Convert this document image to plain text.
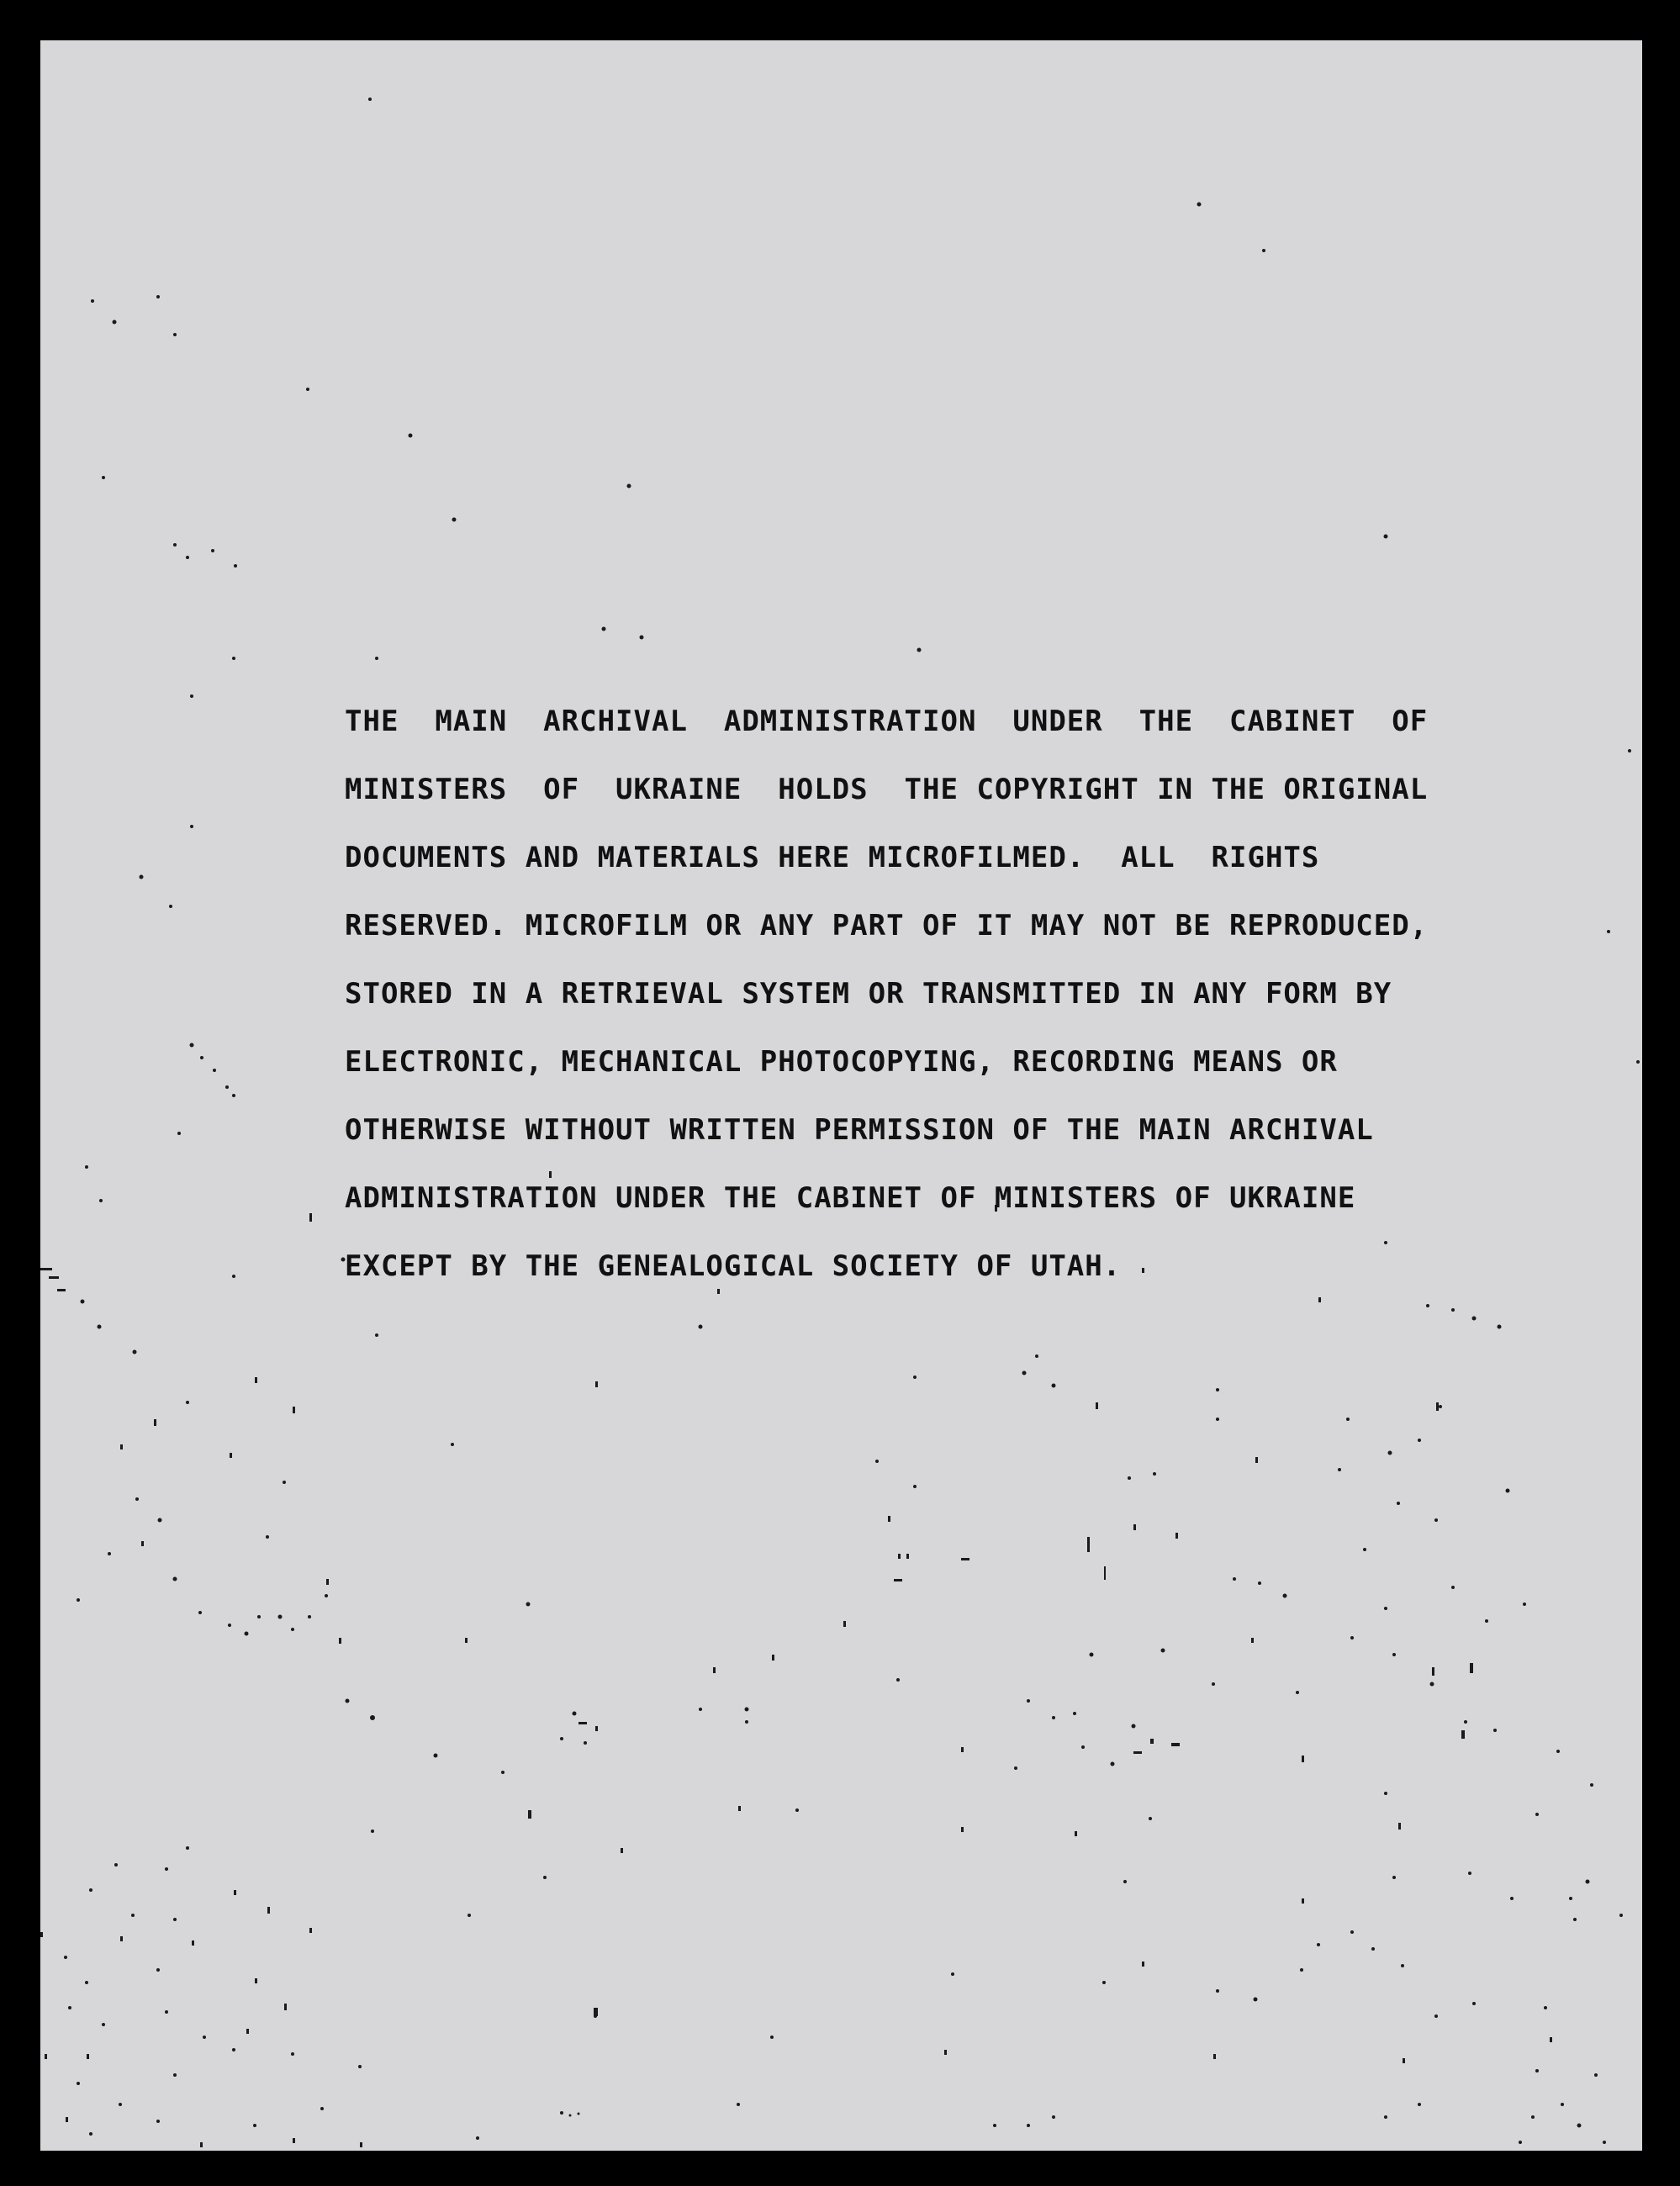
THE  MAIN  ARCHIVAL  ADMINISTRATION  UNDER  THE  CABINET  OF
MINISTERS  OF  UKRAINE  HOLDS  THE COPYRIGHT IN THE ORIGINAL
DOCUMENTS AND MATERIALS HERE MICROFILMED.  ALL  RIGHTS
RESERVED. MICROFILM OR ANY PART OF IT MAY NOT BE REPRODUCED,
STORED IN A RETRIEVAL SYSTEM OR TRANSMITTED IN ANY FORM BY
ELECTRONIC, MECHANICAL PHOTOCOPYING, RECORDING MEANS OR
OTHERWISE WITHOUT WRITTEN PERMISSION OF THE MAIN ARCHIVAL
ADMINISTRATION UNDER THE CABINET OF MINISTERS OF UKRAINE
EXCEPT BY THE GENEALOGICAL SOCIETY OF UTAH.
